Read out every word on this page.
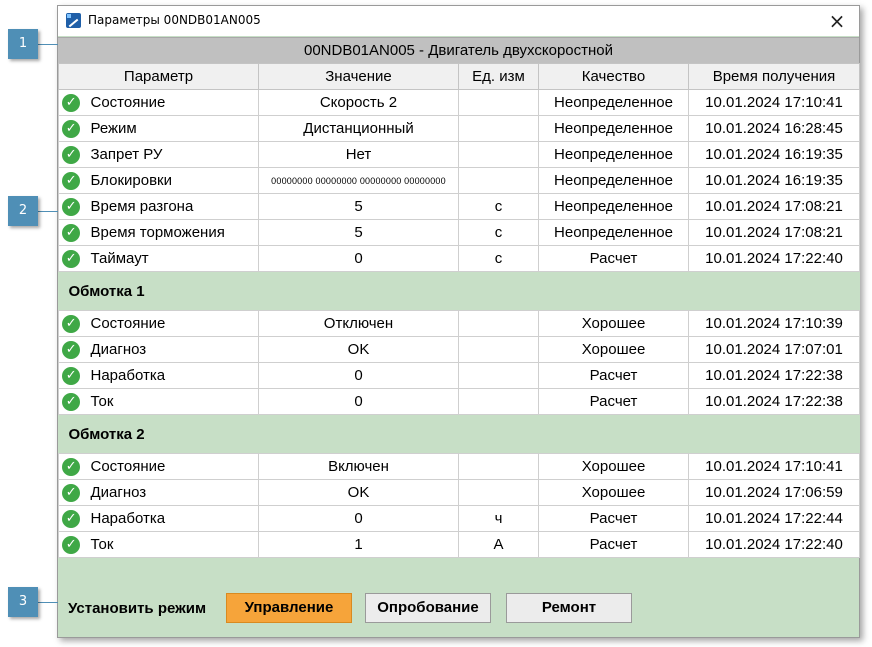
Параметры 00NDB01AN005	×
00NDB01AN005 - Двигатель двухскоростной
Параметр		Значение	Ед. изм	Качество	Время получения
✓	Состояние	Скорость 2		Неопределенное	10.01.2024 17:10:41
✓	Режим	Дистанционный		Неопределенное	10.01.2024 16:28:45
✓	Запрет РУ	Нет		Неопределенное	10.01.2024 16:19:35
✓	Блокировки	00000000 00000000 00000000 00000000		Неопределенное	10.01.2024 16:19:35
✓	Время разгона	5	с	Неопределенное	10.01.2024 17:08:21
✓	Время торможения	5	с	Неопределенное	10.01.2024 17:08:21
✓	Таймаут	0	с	Расчет	10.01.2024 17:22:40
Обмотка 1					
✓	Состояние	Отключен		Хорошее	10.01.2024 17:10:39
✓	Диагноз	OK		Хорошее	10.01.2024 17:07:01
✓	Наработка	0		Расчет	10.01.2024 17:22:38
✓	Ток	0		Расчет	10.01.2024 17:22:38
Обмотка 2					
✓	Состояние	Включен		Хорошее	10.01.2024 17:10:41
✓	Диагноз	OK		Хорошее	10.01.2024 17:06:59
✓	Наработка	0	ч	Расчет	10.01.2024 17:22:44
✓	Ток	1	А	Расчет	10.01.2024 17:22:40
Установить режим	Управление	Опробование	Ремонт
1
2
3
